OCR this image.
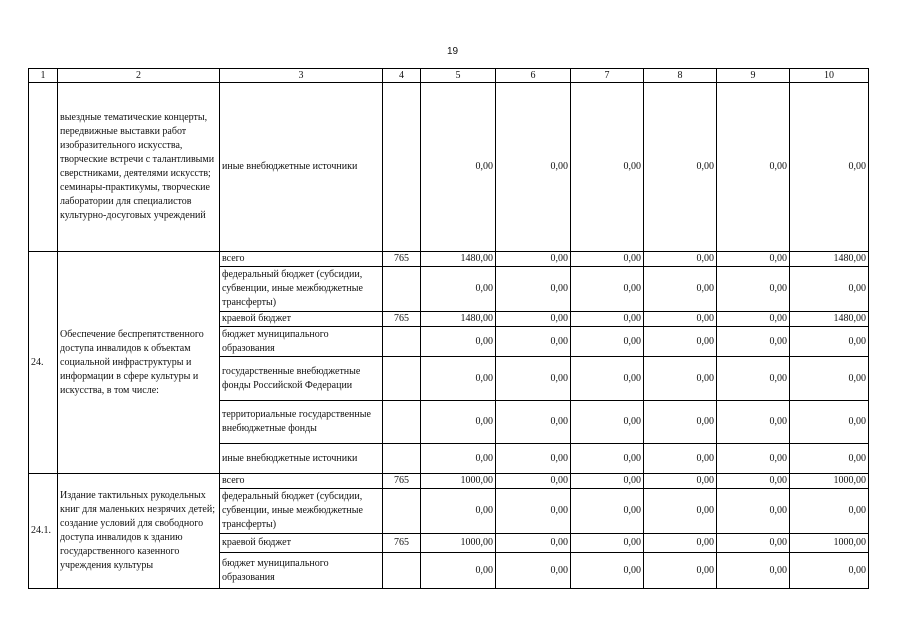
19
1	2	3	4	5	6	7	8	9	10
	выездные тематические концерты, передвижные выставки работ изобразительного искусства, творческие встречи с талантливыми сверстниками, деятелями искусств; семинары-практикумы, творческие лаборатории для специалистов культурно-досуговых учреждений	иные внебюджетные источники		0,00	0,00	0,00	0,00	0,00	0,00
24.	Обеспечение беспрепятственного доступа инвалидов к объектам социальной инфраструктуры и информации в сфере культуры и искусства, в том числе:	всего	765	1480,00	0,00	0,00	0,00	0,00	1480,00
		федеральный бюджет (субсидии, субвенции, иные межбюджетные трансферты)		0,00	0,00	0,00	0,00	0,00	0,00
		краевой бюджет	765	1480,00	0,00	0,00	0,00	0,00	1480,00
		бюджет муниципального образования		0,00	0,00	0,00	0,00	0,00	0,00
		государственные внебюджетные фонды Российской Федерации		0,00	0,00	0,00	0,00	0,00	0,00
		территориальные государственные внебюджетные фонды		0,00	0,00	0,00	0,00	0,00	0,00
		иные внебюджетные источники		0,00	0,00	0,00	0,00	0,00	0,00
24.1.	Издание тактильных рукодельных книг для маленьких незрячих детей; создание условий для свободного доступа инвалидов к зданию государственного казенного учреждения культуры	всего	765	1000,00	0,00	0,00	0,00	0,00	1000,00
		федеральный бюджет (субсидии, субвенции, иные межбюджетные трансферты)		0,00	0,00	0,00	0,00	0,00	0,00
		краевой бюджет	765	1000,00	0,00	0,00	0,00	0,00	1000,00
		бюджет муниципального образования		0,00	0,00	0,00	0,00	0,00	0,00
